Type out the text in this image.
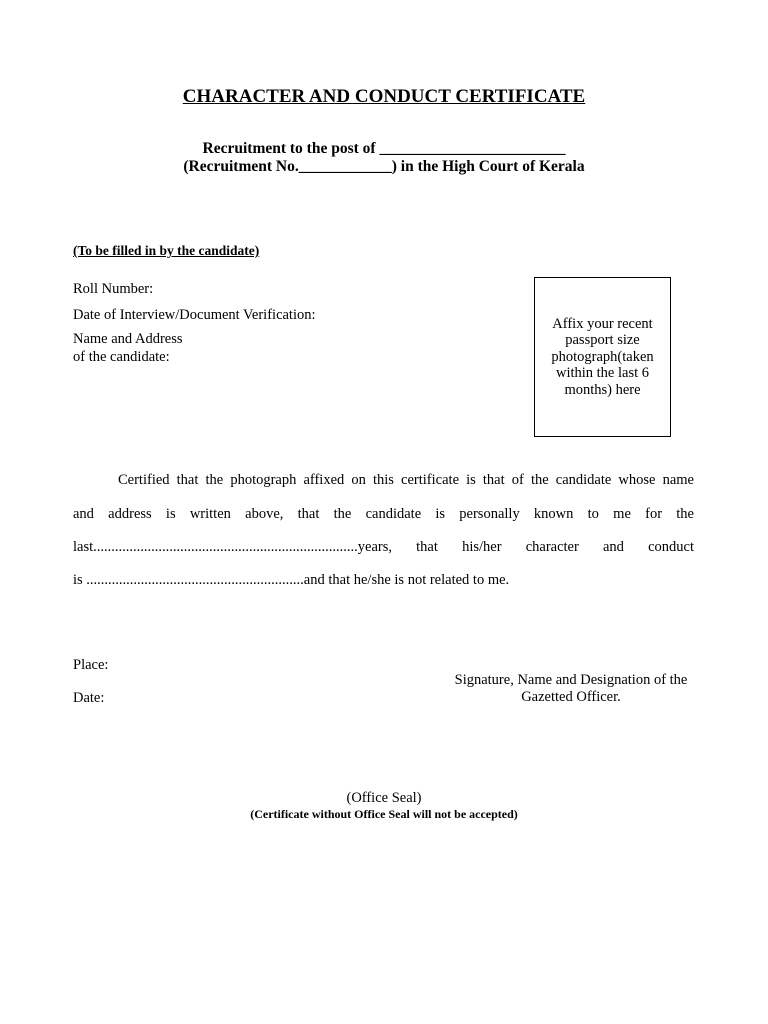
CHARACTER AND CONDUCT CERTIFICATE
Recruitment to the post of ________________________
(Recruitment No.____________) in the High Court of Kerala
(To be filled in by the candidate)
Roll Number:
Date of Interview/Document Verification:
Name and Address
of the candidate:
Affix your recent passport size photograph(taken within the last 6 months) here
Certified that the photograph affixed on this certificate is that of the candidate whose name
and address is written above, that the candidate is personally known to me for the
last.........................................................................years, that his/her character and conduct
is ............................................................and that he/she is not related to me.
Place:
Date:
Signature, Name and Designation of the
Gazetted Officer.
(Office Seal)
(Certificate without Office Seal will not be accepted)
